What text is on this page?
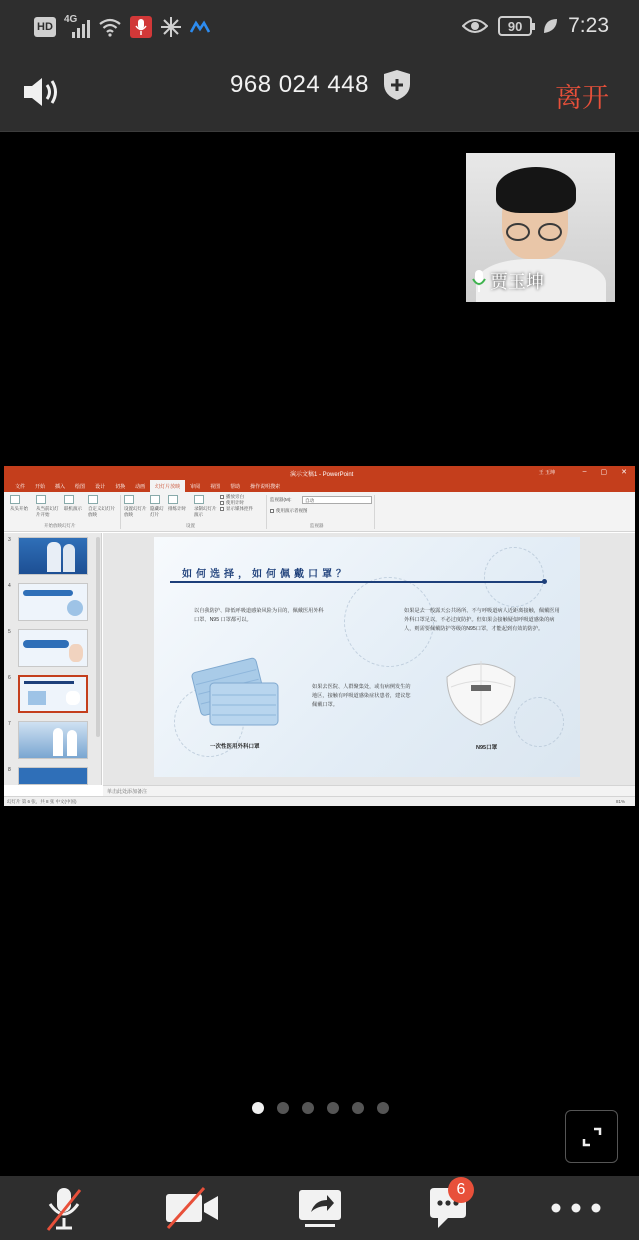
HD
4G	90	7:23
968 024 448	离开
贾玉坤
演示文稿1 - PowerPoint	王 玉坤	– ▢ ✕
文件	开始	插入	绘图	设计	切换	动画	幻灯片放映	审阅	视图	帮助	操作说明搜索
从头开始 从当前幻灯片开始
联机演示	自定义幻灯片放映
开始放映幻灯片
设置幻灯片放映
隐藏幻灯片
排练计时	录制幻灯片演示
播放旁白
使用计时
显示媒体控件
设置
监视器(M):	自动
使用演示者视图
监视器
3
4
5
6
7
8
如何选择，如何佩戴口罩？
以自我防护、降低呼吸道感染风险为目的，佩戴医用外科口罩、N95 口罩都可以。
如果是去一般露天公共场所、不与呼吸道病人近距离接触，佩戴医用外科口罩足以，不必过度防护。但如果会接触疑似呼吸道感染的病人，则需要佩戴防护等级的N95口罩，才能起到有效的防护。
如果去医院、人群聚集处，或有病例发生的地区，接触有呼吸道感染症状患者，建议您佩戴口罩。
一次性医用外科口罩	N95口罩
单击此处添加备注
幻灯片 第 6 张，共 8 张 中文(中国)	81%
6
